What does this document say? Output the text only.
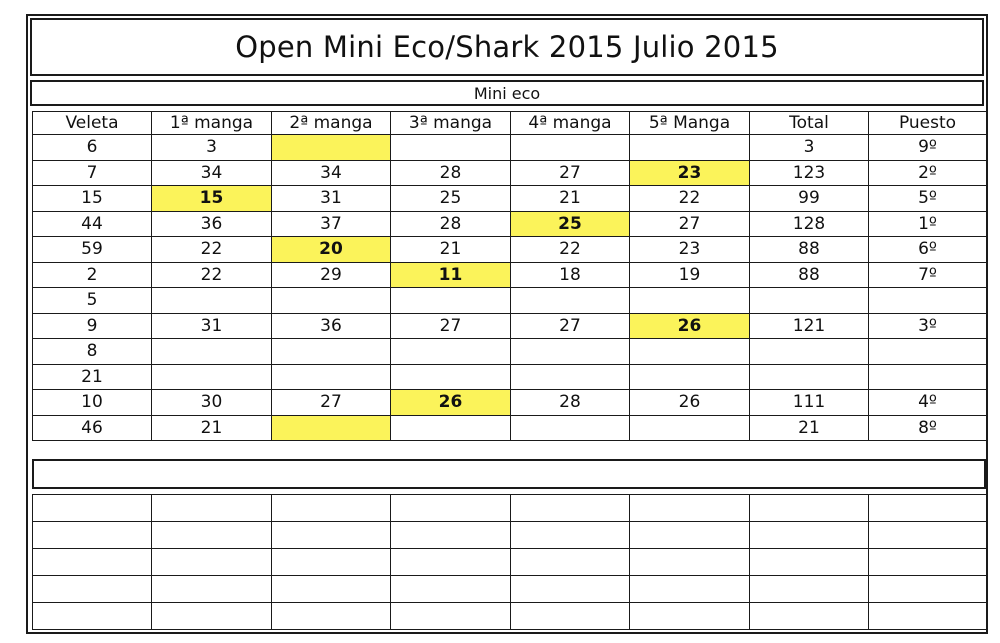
Open Mini Eco/Shark 2015 Julio 2015
Mini eco
Veleta	1ª manga	2ª manga	3ª manga	4ª manga	5ª Manga	Total	Puesto
6	3					3	9º
7	34	34	28	27	23	123	2º
15	15	31	25	21	22	99	5º
44	36	37	28	25	27	128	1º
59	22	20	21	22	23	88	6º
2	22	29	11	18	19	88	7º
5							
9	31	36	27	27	26	121	3º
8							
21							
10	30	27	26	28	26	111	4º
46	21					21	8º
